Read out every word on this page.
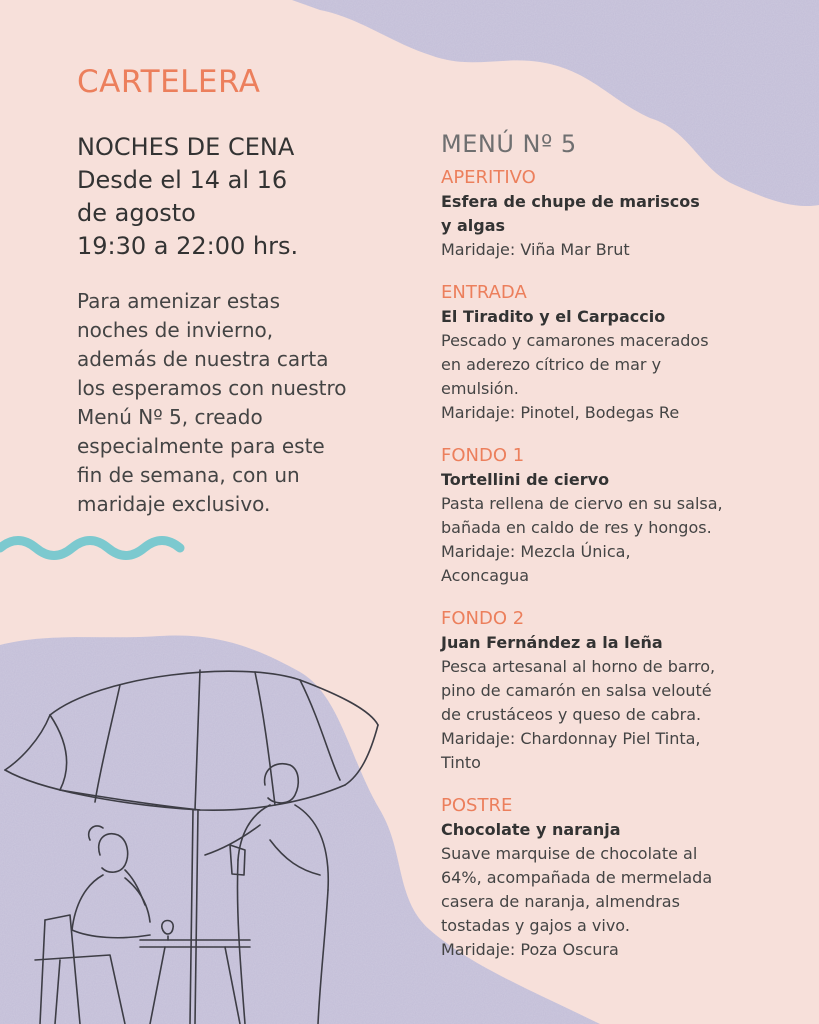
CARTELERA
NOCHES DE CENA
Desde el 14 al 16
de agosto
19:30 a 22:00 hrs.

Para amenizar estas

noches de invierno,

además de nuestra carta

los esperamos con nuestro

Menú Nº 5, creado

especialmente para este

fin de semana, con un

maridaje exclusivo.

MENÚ Nº 5
APERITIVO
Esfera de chupe de mariscos
y algas
Maridaje: Viña Mar Brut
ENTRADA
El Tiradito y el Carpaccio
Pescado y camarones macerados
en aderezo cítrico de mar y
emulsión.
Maridaje: Pinotel, Bodegas Re
FONDO 1
Tortellini de ciervo
Pasta rellena de ciervo en su salsa,
bañada en caldo de res y hongos.
Maridaje: Mezcla Única,
Aconcagua
FONDO 2
Juan Fernández a la leña
Pesca artesanal al horno de barro,
pino de camarón en salsa velouté
de crustáceos y queso de cabra.
Maridaje: Chardonnay Piel Tinta,
Tinto
POSTRE
Chocolate y naranja
Suave marquise de chocolate al
64%, acompañada de mermelada
casera de naranja, almendras
tostadas y gajos a vivo.
Maridaje: Poza Oscura
